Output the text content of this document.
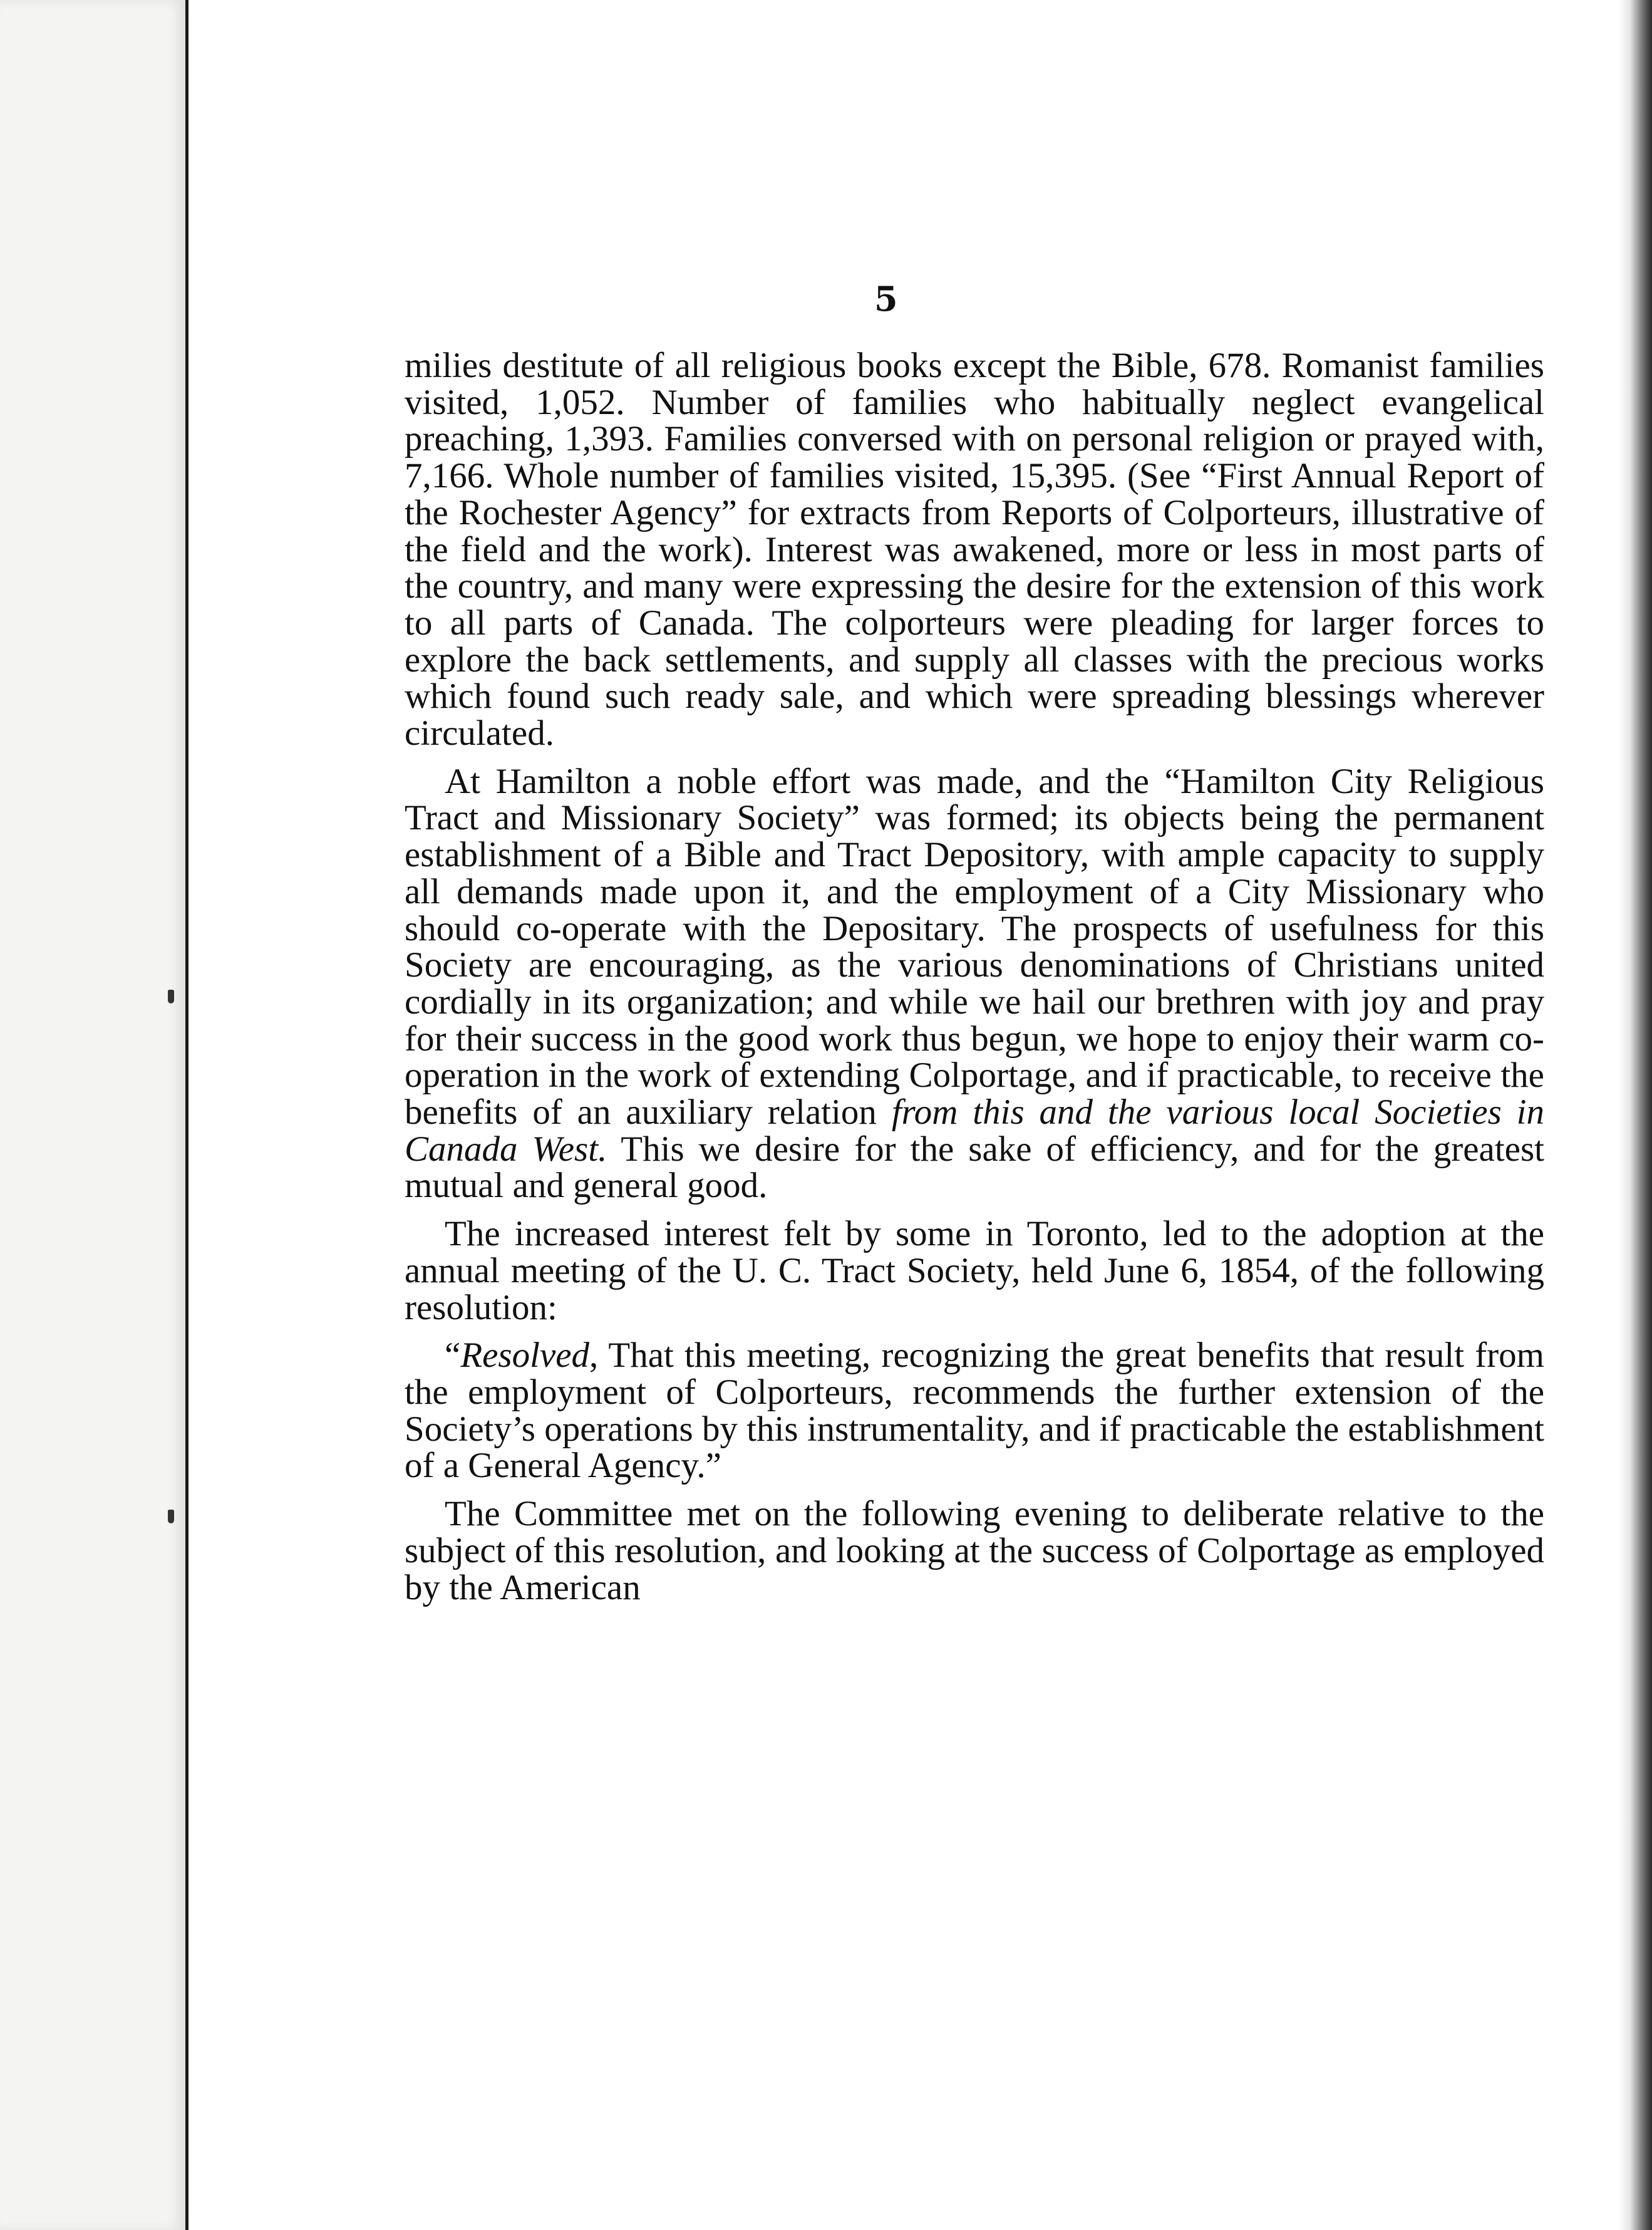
5

milies destitute of all religious books except the Bible, 678. Romanist families visited, 1,052. Number of families who habitually neglect evangelical preaching, 1,393. Families conversed with on personal religion or prayed with, 7,166. Whole number of families visited, 15,395. (See “First Annual Report of the Rochester Agency” for extracts from Reports of Colporteurs, illustrative of the field and the work). Interest was awakened, more or less in most parts of the country, and many were expressing the desire for the extension of this work to all parts of Canada. The colporteurs were pleading for larger forces to explore the back settlements, and supply all classes with the precious works which found such ready sale, and which were spreading blessings wherever circulated.

At Hamilton a noble effort was made, and the “Hamilton City Religious Tract and Missionary Society” was formed; its objects being the permanent establishment of a Bible and Tract Depository, with ample capacity to supply all demands made upon it, and the employment of a City Missionary who should co-operate with the Depositary. The prospects of usefulness for this Society are encouraging, as the various denominations of Christians united cordially in its organization; and while we hail our brethren with joy and pray for their success in the good work thus begun, we hope to enjoy their warm co-operation in the work of extending Colportage, and if practicable, to receive the benefits of an auxiliary relation from this and the various local Societies in Canada West. This we desire for the sake of efficiency, and for the greatest mutual and general good.

The increased interest felt by some in Toronto, led to the adoption at the annual meeting of the U. C. Tract Society, held June 6, 1854, of the following resolution:

“Resolved, That this meeting, recognizing the great benefits that result from the employment of Colporteurs, recommends the further extension of the Society’s operations by this instrumentality, and if practicable the establishment of a General Agency.”

The Committee met on the following evening to deliberate relative to the subject of this resolution, and looking at the success of Colportage as employed by the American
